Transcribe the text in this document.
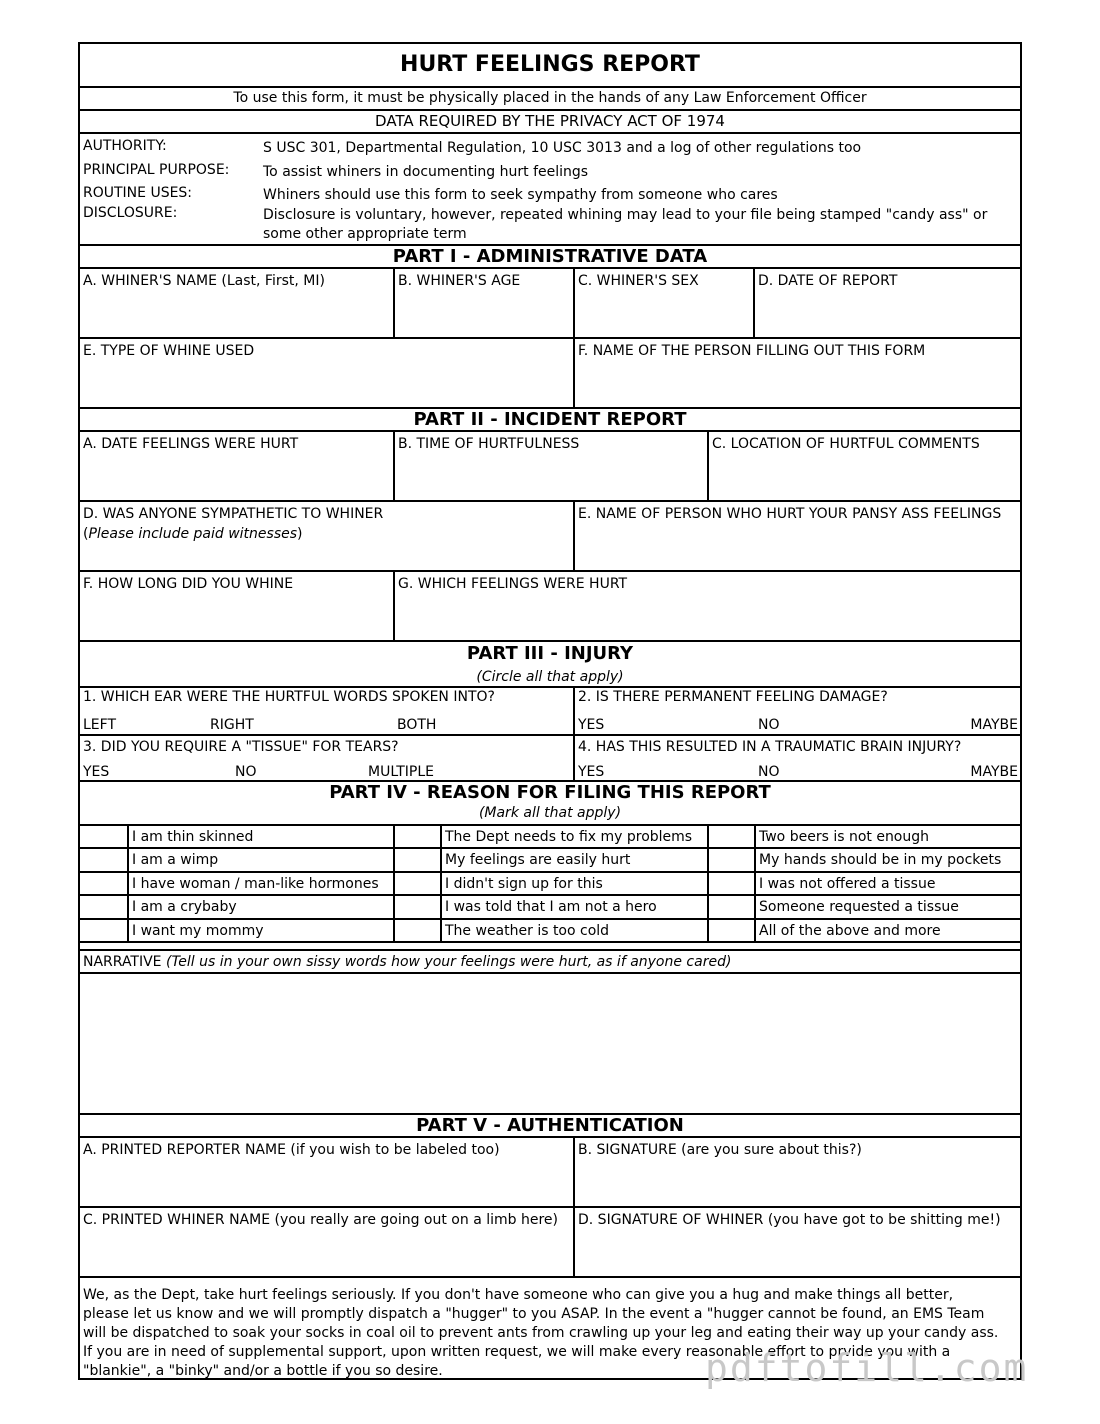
HURT FEELINGS REPORT
To use this form, it must be physically placed in the hands of any Law Enforcement Officer
DATA REQUIRED BY THE PRIVACY ACT OF 1974
AUTHORITY:	S USC 301, Departmental Regulation, 10 USC 3013 and a log of other regulations too
PRINCIPAL PURPOSE: To assist whiners in documenting hurt feelings
ROUTINE USES:	Whiners should use this form to seek sympathy from someone who cares
DISCLOSURE:	Disclosure is voluntary, however, repeated whining may lead to your file being stamped "candy ass" or
some other appropriate term
PART I - ADMINISTRATIVE DATA
A. WHINER'S NAME (Last, First, MI)	B. WHINER'S AGE	C. WHINER'S SEX	D. DATE OF REPORT
E. TYPE OF WHINE USED	F. NAME OF THE PERSON FILLING OUT THIS FORM
PART II - INCIDENT REPORT
A. DATE FEELINGS WERE HURT	B. TIME OF HURTFULNESS	C. LOCATION OF HURTFUL COMMENTS
D. WAS ANYONE SYMPATHETIC TO WHINER
(Please include paid witnesses)
E. NAME OF PERSON WHO HURT YOUR PANSY ASS FEELINGS
F. HOW LONG DID YOU WHINE	G. WHICH FEELINGS WERE HURT
PART III - INJURY
(Circle all that apply)
1. WHICH EAR WERE THE HURTFUL WORDS SPOKEN INTO?
LEFT	RIGHT	BOTH
2. IS THERE PERMANENT FEELING DAMAGE?
YES	NO	MAYBE
3. DID YOU REQUIRE A "TISSUE" FOR TEARS?
YES	NO	MULTIPLE
4. HAS THIS RESULTED IN A TRAUMATIC BRAIN INJURY?
YES	NO	MAYBE
PART IV - REASON FOR FILING THIS REPORT
(Mark all that apply)
I am thin skinned	The Dept needs to fix my problems	Two beers is not enough
I am a wimp	My feelings are easily hurt	My hands should be in my pockets
I have woman / man-like hormones	I didn't sign up for this	I was not offered a tissue
I am a crybaby	I was told that I am not a hero	Someone requested a tissue
I want my mommy	The weather is too cold	All of the above and more
NARRATIVE (Tell us in your own sissy words how your feelings were hurt, as if anyone cared)
PART V - AUTHENTICATION
A. PRINTED REPORTER NAME (if you wish to be labeled too)	B. SIGNATURE (are you sure about this?)
C. PRINTED WHINER NAME (you really are going out on a limb here)	D. SIGNATURE OF WHINER (you have got to be shitting me!)
We, as the Dept, take hurt feelings seriously. If you don't have someone who can give you a hug and make things all better,
please let us know and we will promptly dispatch a "hugger" to you ASAP. In the event a "hugger cannot be found, an EMS Team
will be dispatched to soak your socks in coal oil to prevent ants from crawling up your leg and eating their way up your candy ass.
If you are in need of supplemental support, upon written request, we will make every reasonable effort to prvide you with a
"blankie", a "binky" and/or a bottle if you so desire.	pdftofill.com
